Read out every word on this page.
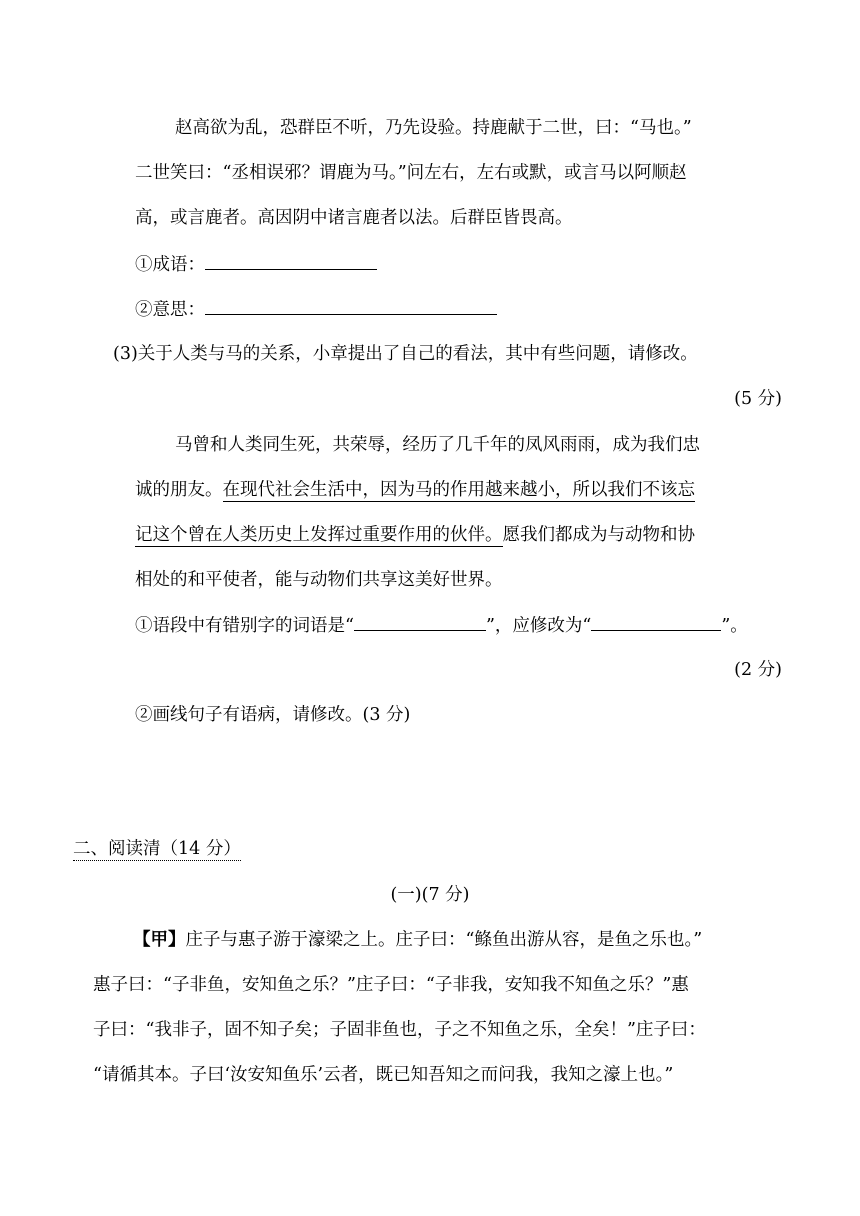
赵高欲为乱，恐群臣不听，乃先设验。持鹿献于二世，曰：“马也。”
二世笑曰：“丞相误邪？谓鹿为马。”问左右，左右或默，或言马以阿顺赵
高，或言鹿者。高因阴中诸言鹿者以法。后群臣皆畏高。
①成语：
②意思：
(3)关于人类与马的关系，小章提出了自己的看法，其中有些问题，请修改。
(5 分)
马曾和人类同生死，共荣辱，经历了几千年的凤风雨雨，成为我们忠
诚的朋友。在现代社会生活中，因为马的作用越来越小，所以我们不该忘
记这个曾在人类历史上发挥过重要作用的伙伴。愿我们都成为与动物和协
相处的和平使者，能与动物们共享这美好世界。
①语段中有错别字的词语是“	”，应修改为“	”。
(2 分)
②画线句子有语病，请修改。(3 分)
二、阅读清（14 分）
(一)(7 分)
【甲】庄子与惠子游于濠梁之上。庄子曰：“鲦鱼出游从容，是鱼之乐也。”
惠子曰：“子非鱼，安知鱼之乐？”庄子曰：“子非我，安知我不知鱼之乐？”惠
子曰：“我非子，固不知子矣；子固非鱼也，子之不知鱼之乐，全矣！”庄子曰：
“请循其本。子曰‘汝安知鱼乐’云者，既已知吾知之而问我，我知之濠上也。”
